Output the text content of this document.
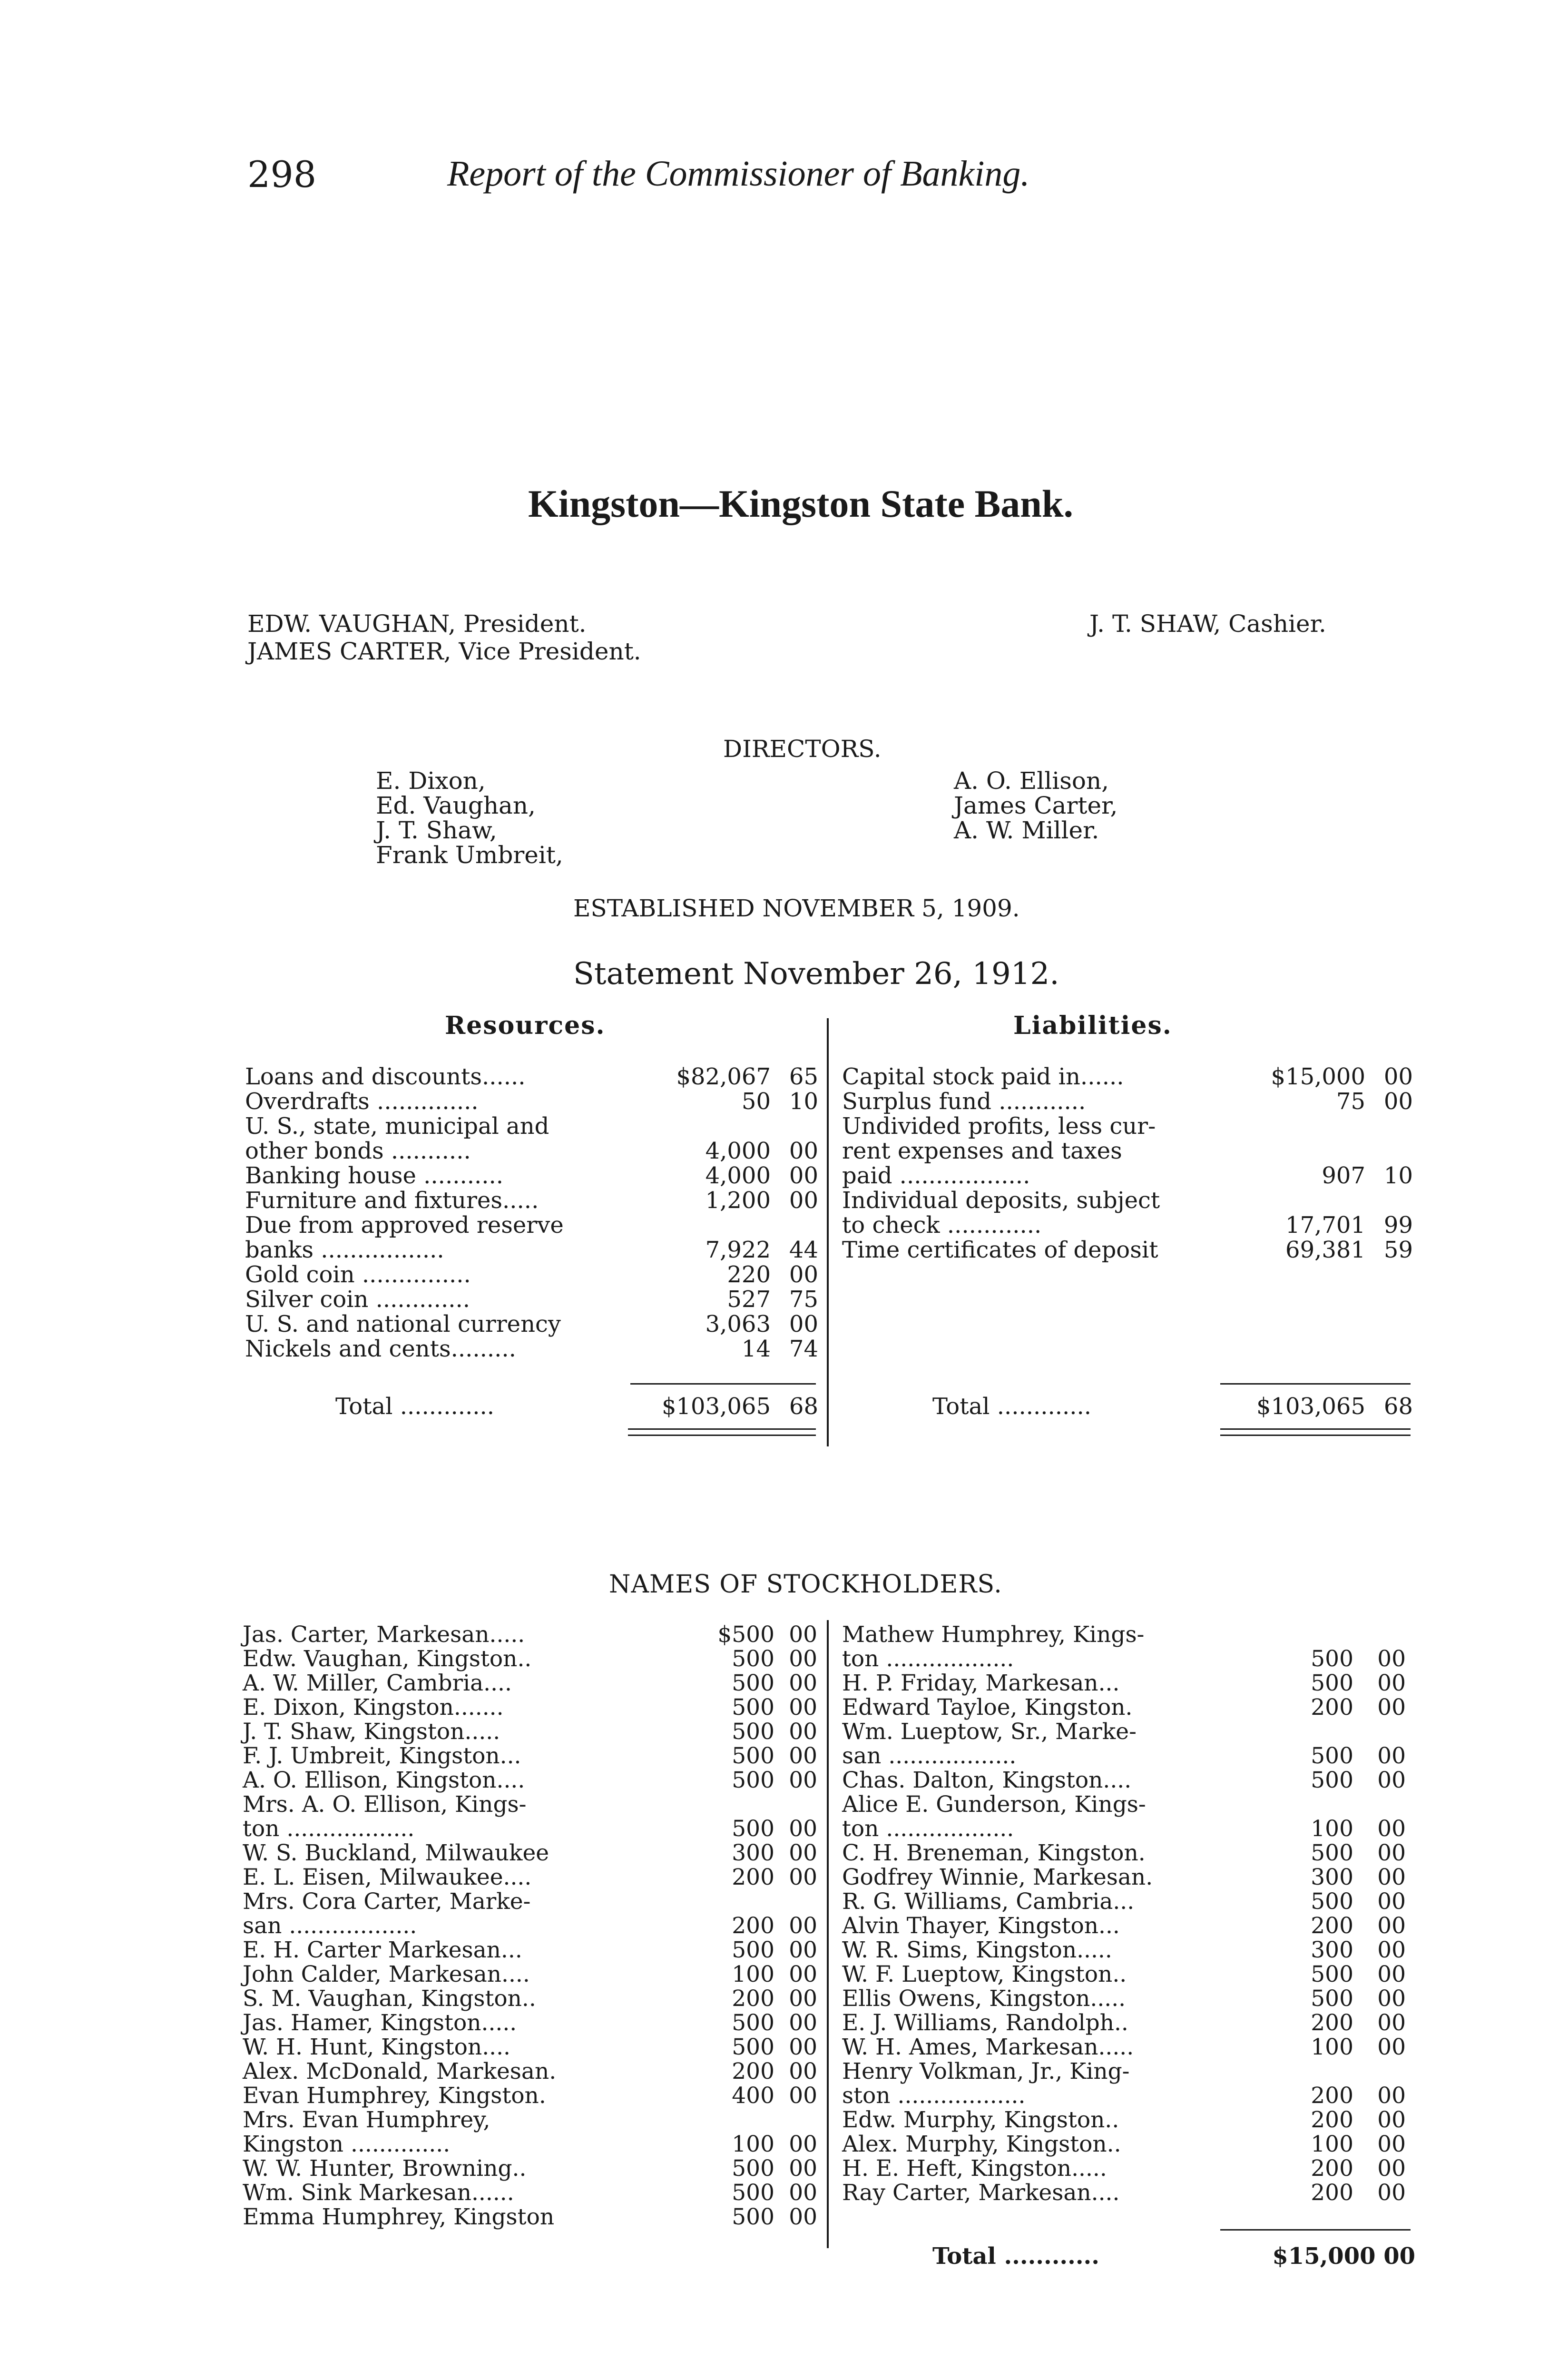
298	Report of the Commissioner of Banking.
Kingston—Kingston State Bank.
EDW. VAUGHAN, President.
JAMES CARTER, Vice President.
J. T. SHAW, Cashier.
DIRECTORS.
E. Dixon,
Ed. Vaughan,
J. T. Shaw,
Frank Umbreit,
A. O. Ellison,
James Carter,
A. W. Miller.
ESTABLISHED NOVEMBER 5, 1909.
Statement November 26, 1912.
Resources.	Liabilities.
Loans and discounts......	$82,067 65
Overdrafts ..............	50 10
U. S., state, municipal and
other bonds ...........	4,000 00
Banking house ...........	4,000 00
Furniture and fixtures.....	1,200 00
Due from approved reserve
banks .................	7,922 44
Gold coin ...............	220 00
Silver coin .............	527 75
U. S. and national currency	3,063 00
Nickels and cents.........	14 74
Capital stock paid in......	$15,000 00
Surplus fund ............	75 00
Undivided profits, less cur-
rent expenses and taxes
paid ..................	907 10
Individual deposits, subject
to check .............	17,701 99
Time certificates of deposit	69,381 59
Total .............	$103,065 68	Total .............	$103,065 68
NAMES OF STOCKHOLDERS.
Jas. Carter, Markesan.....	$500 00
Edw. Vaughan, Kingston..	500 00
A. W. Miller, Cambria....	500 00
E. Dixon, Kingston.......	500 00
J. T. Shaw, Kingston.....	500 00
F. J. Umbreit, Kingston...	500 00
A. O. Ellison, Kingston....	500 00
Mrs. A. O. Ellison, Kings-
ton ..................	500 00
W. S. Buckland, Milwaukee	300 00
E. L. Eisen, Milwaukee....	200 00
Mrs. Cora Carter, Marke-
san ..................	200 00
E. H. Carter Markesan...	500 00
John Calder, Markesan....	100 00
S. M. Vaughan, Kingston..	200 00
Jas. Hamer, Kingston.....	500 00
W. H. Hunt, Kingston....	500 00
Alex. McDonald, Markesan.	200 00
Evan Humphrey, Kingston.	400 00
Mrs. Evan Humphrey,
Kingston ..............	100 00
W. W. Hunter, Browning..	500 00
Wm. Sink Markesan......	500 00
Emma Humphrey, Kingston	500 00
Mathew Humphrey, Kings-
ton ..................	500 00
H. P. Friday, Markesan...	500 00
Edward Tayloe, Kingston.	200 00
Wm. Lueptow, Sr., Marke-
san ..................	500 00
Chas. Dalton, Kingston....	500 00
Alice E. Gunderson, Kings-
ton ..................	100 00
C. H. Breneman, Kingston.	500 00
Godfrey Winnie, Markesan.	300 00
R. G. Williams, Cambria...	500 00
Alvin Thayer, Kingston...	200 00
W. R. Sims, Kingston.....	300 00
W. F. Lueptow, Kingston..	500 00
Ellis Owens, Kingston.....	500 00
E. J. Williams, Randolph..	200 00
W. H. Ames, Markesan.....	100 00
Henry Volkman, Jr., King-
ston ..................	200 00
Edw. Murphy, Kingston..	200 00
Alex. Murphy, Kingston..	100 00
H. E. Heft, Kingston.....	200 00
Ray Carter, Markesan....	200 00
Total ............	$15,000 00
